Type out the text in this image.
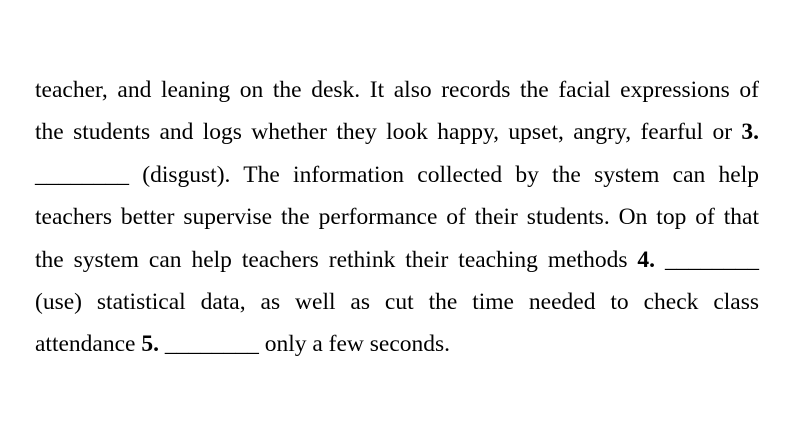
teacher, and leaning on the desk. It also records the facial expressions of
the students and logs whether they look happy, upset, angry, fearful or 3.
________ (disgust). The information collected by the system can help
teachers better supervise the performance of their students. On top of that
the system can help teachers rethink their teaching methods 4. ________
(use) statistical data, as well as cut the time needed to check class
attendance 5. ________ only a few seconds.
